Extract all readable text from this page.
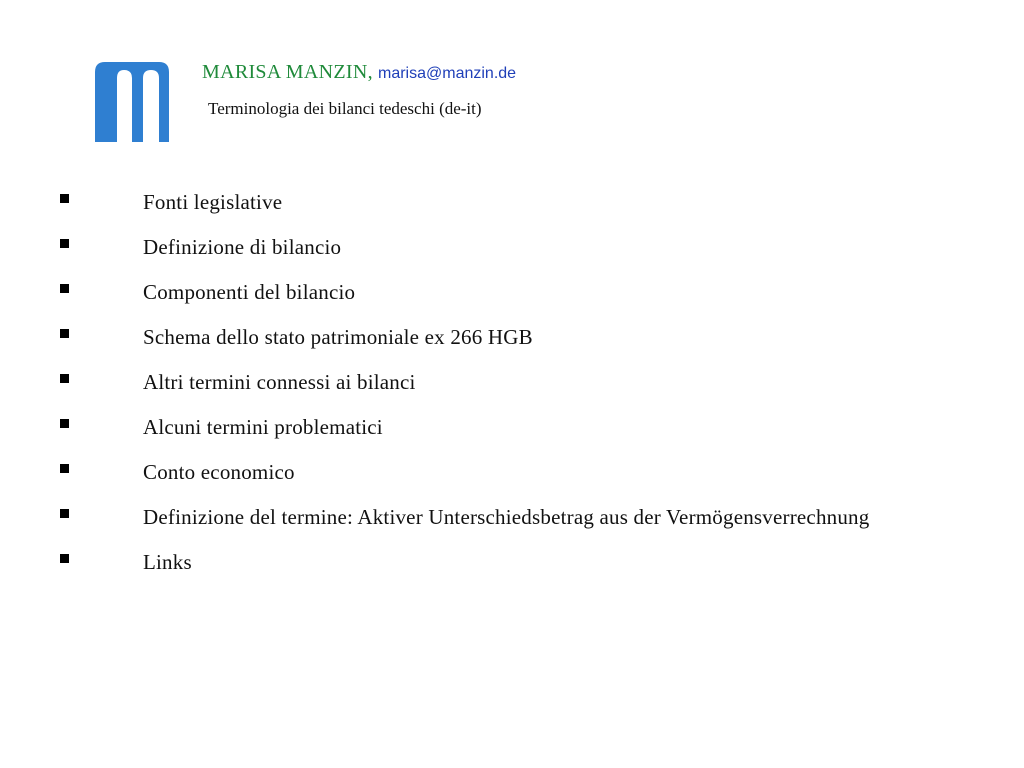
MARISA MANZIN, marisa@manzin.de
Terminologia dei bilanci tedeschi (de-it)
Fonti legislative
Definizione di bilancio
Componenti del bilancio
Schema dello stato patrimoniale ex 266 HGB
Altri termini connessi ai bilanci
Alcuni termini problematici
Conto economico
Definizione del termine: Aktiver Unterschiedsbetrag aus der Vermögensverrechnung
Links
